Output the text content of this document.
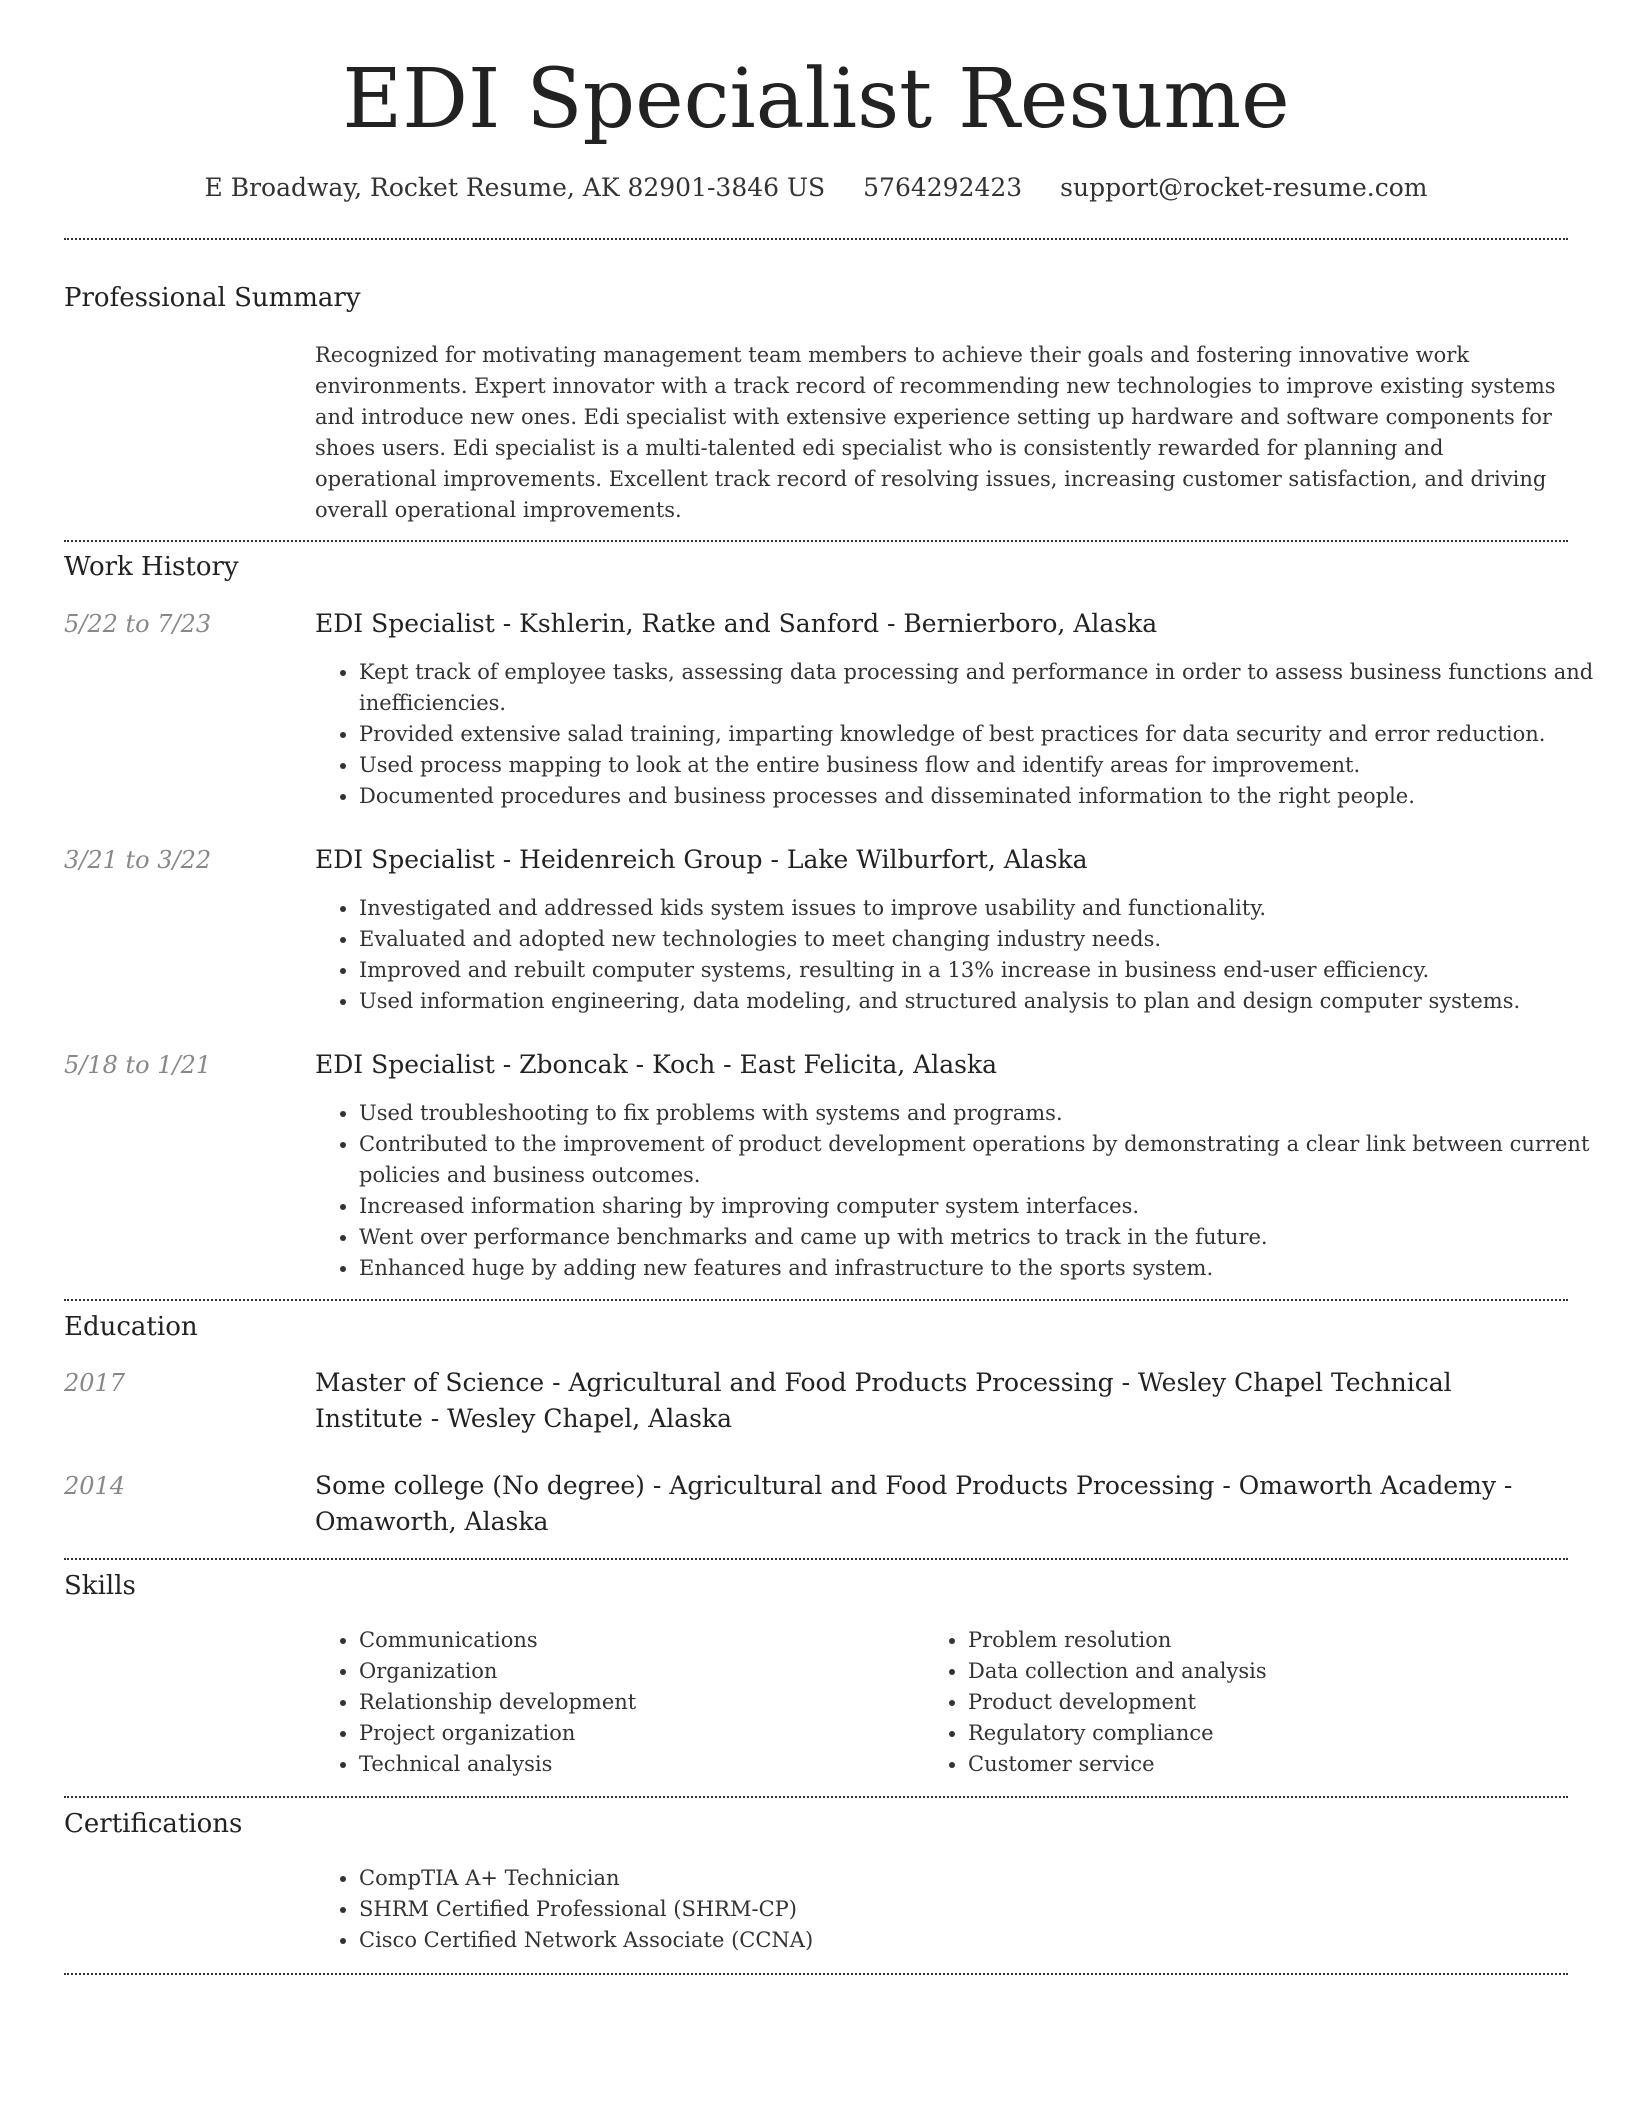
EDI Specialist Resume
E Broadway, Rocket Resume, AK 82901-3846 US 5764292423 support@rocket-resume.com
Professional Summary

Recognized for motivating management team members to achieve their goals and fostering innovative work environments. Expert innovator with a track record of recommending new technologies to improve existing systems and introduce new ones. Edi specialist with extensive experience setting up hardware and software components for shoes users. Edi specialist is a multi-talented edi specialist who is consistently rewarded for planning and operational improvements. Excellent track record of resolving issues, increasing customer satisfaction, and driving overall operational improvements.

Work History
5/22 to 7/23	EDI Specialist - Kshlerin, Ratke and Sanford - Bernierboro, Alaska
• Kept track of employee tasks, assessing data processing and performance in order to assess business functions and inefficiencies.
• Provided extensive salad training, imparting knowledge of best practices for data security and error reduction.
• Used process mapping to look at the entire business flow and identify areas for improvement.
• Documented procedures and business processes and disseminated information to the right people.
3/21 to 3/22	EDI Specialist - Heidenreich Group - Lake Wilburfort, Alaska
• Investigated and addressed kids system issues to improve usability and functionality.
• Evaluated and adopted new technologies to meet changing industry needs.
• Improved and rebuilt computer systems, resulting in a 13% increase in business end-user efficiency.
• Used information engineering, data modeling, and structured analysis to plan and design computer systems.
5/18 to 1/21	EDI Specialist - Zboncak - Koch - East Felicita, Alaska
• Used troubleshooting to fix problems with systems and programs.
• Contributed to the improvement of product development operations by demonstrating a clear link between current policies and business outcomes.
• Increased information sharing by improving computer system interfaces.
• Went over performance benchmarks and came up with metrics to track in the future.
• Enhanced huge by adding new features and infrastructure to the sports system.
Education
2017	Master of Science - Agricultural and Food Products Processing - Wesley Chapel Technical Institute - Wesley Chapel, Alaska
2014	Some college (No degree) - Agricultural and Food Products Processing - Omaworth Academy - Omaworth, Alaska
Skills
• Communications
• Organization
• Relationship development
• Project organization
• Technical analysis
• Problem resolution
• Data collection and analysis
• Product development
• Regulatory compliance
• Customer service
Certifications
• CompTIA A+ Technician
• SHRM Certified Professional (SHRM-CP)
• Cisco Certified Network Associate (CCNA)
